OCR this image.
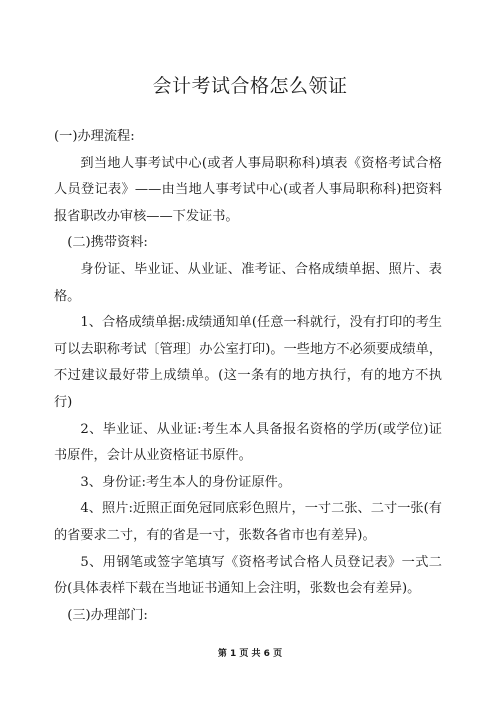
会计考试合格怎么领证

(一)办理流程:

到当地人事考试中心(或者人事局职称科)填表《资格考试合格人员登记表》——由当地人事考试中心(或者人事局职称科)把资料报省职改办审核——下发证书。

(二)携带资料:

身份证、毕业证、从业证、准考证、合格成绩单据、照片、表格。

1、合格成绩单据:成绩通知单(任意一科就行，没有打印的考生可以去职称考试〔管理〕办公室打印)。一些地方不必须要成绩单，不过建议最好带上成绩单。(这一条有的地方执行，有的地方不执行)

2、毕业证、从业证:考生本人具备报名资格的学历(或学位)证书原件，会计从业资格证书原件。

3、身份证:考生本人的身份证原件。

4、照片:近照正面免冠同底彩色照片，一寸二张、二寸一张(有的省要求二寸，有的省是一寸，张数各省市也有差异)。

5、用钢笔或签字笔填写《资格考试合格人员登记表》一式二份(具体表样下载在当地证书通知上会注明，张数也会有差异)。

(三)办理部门:

第 1 页 共 6 页
